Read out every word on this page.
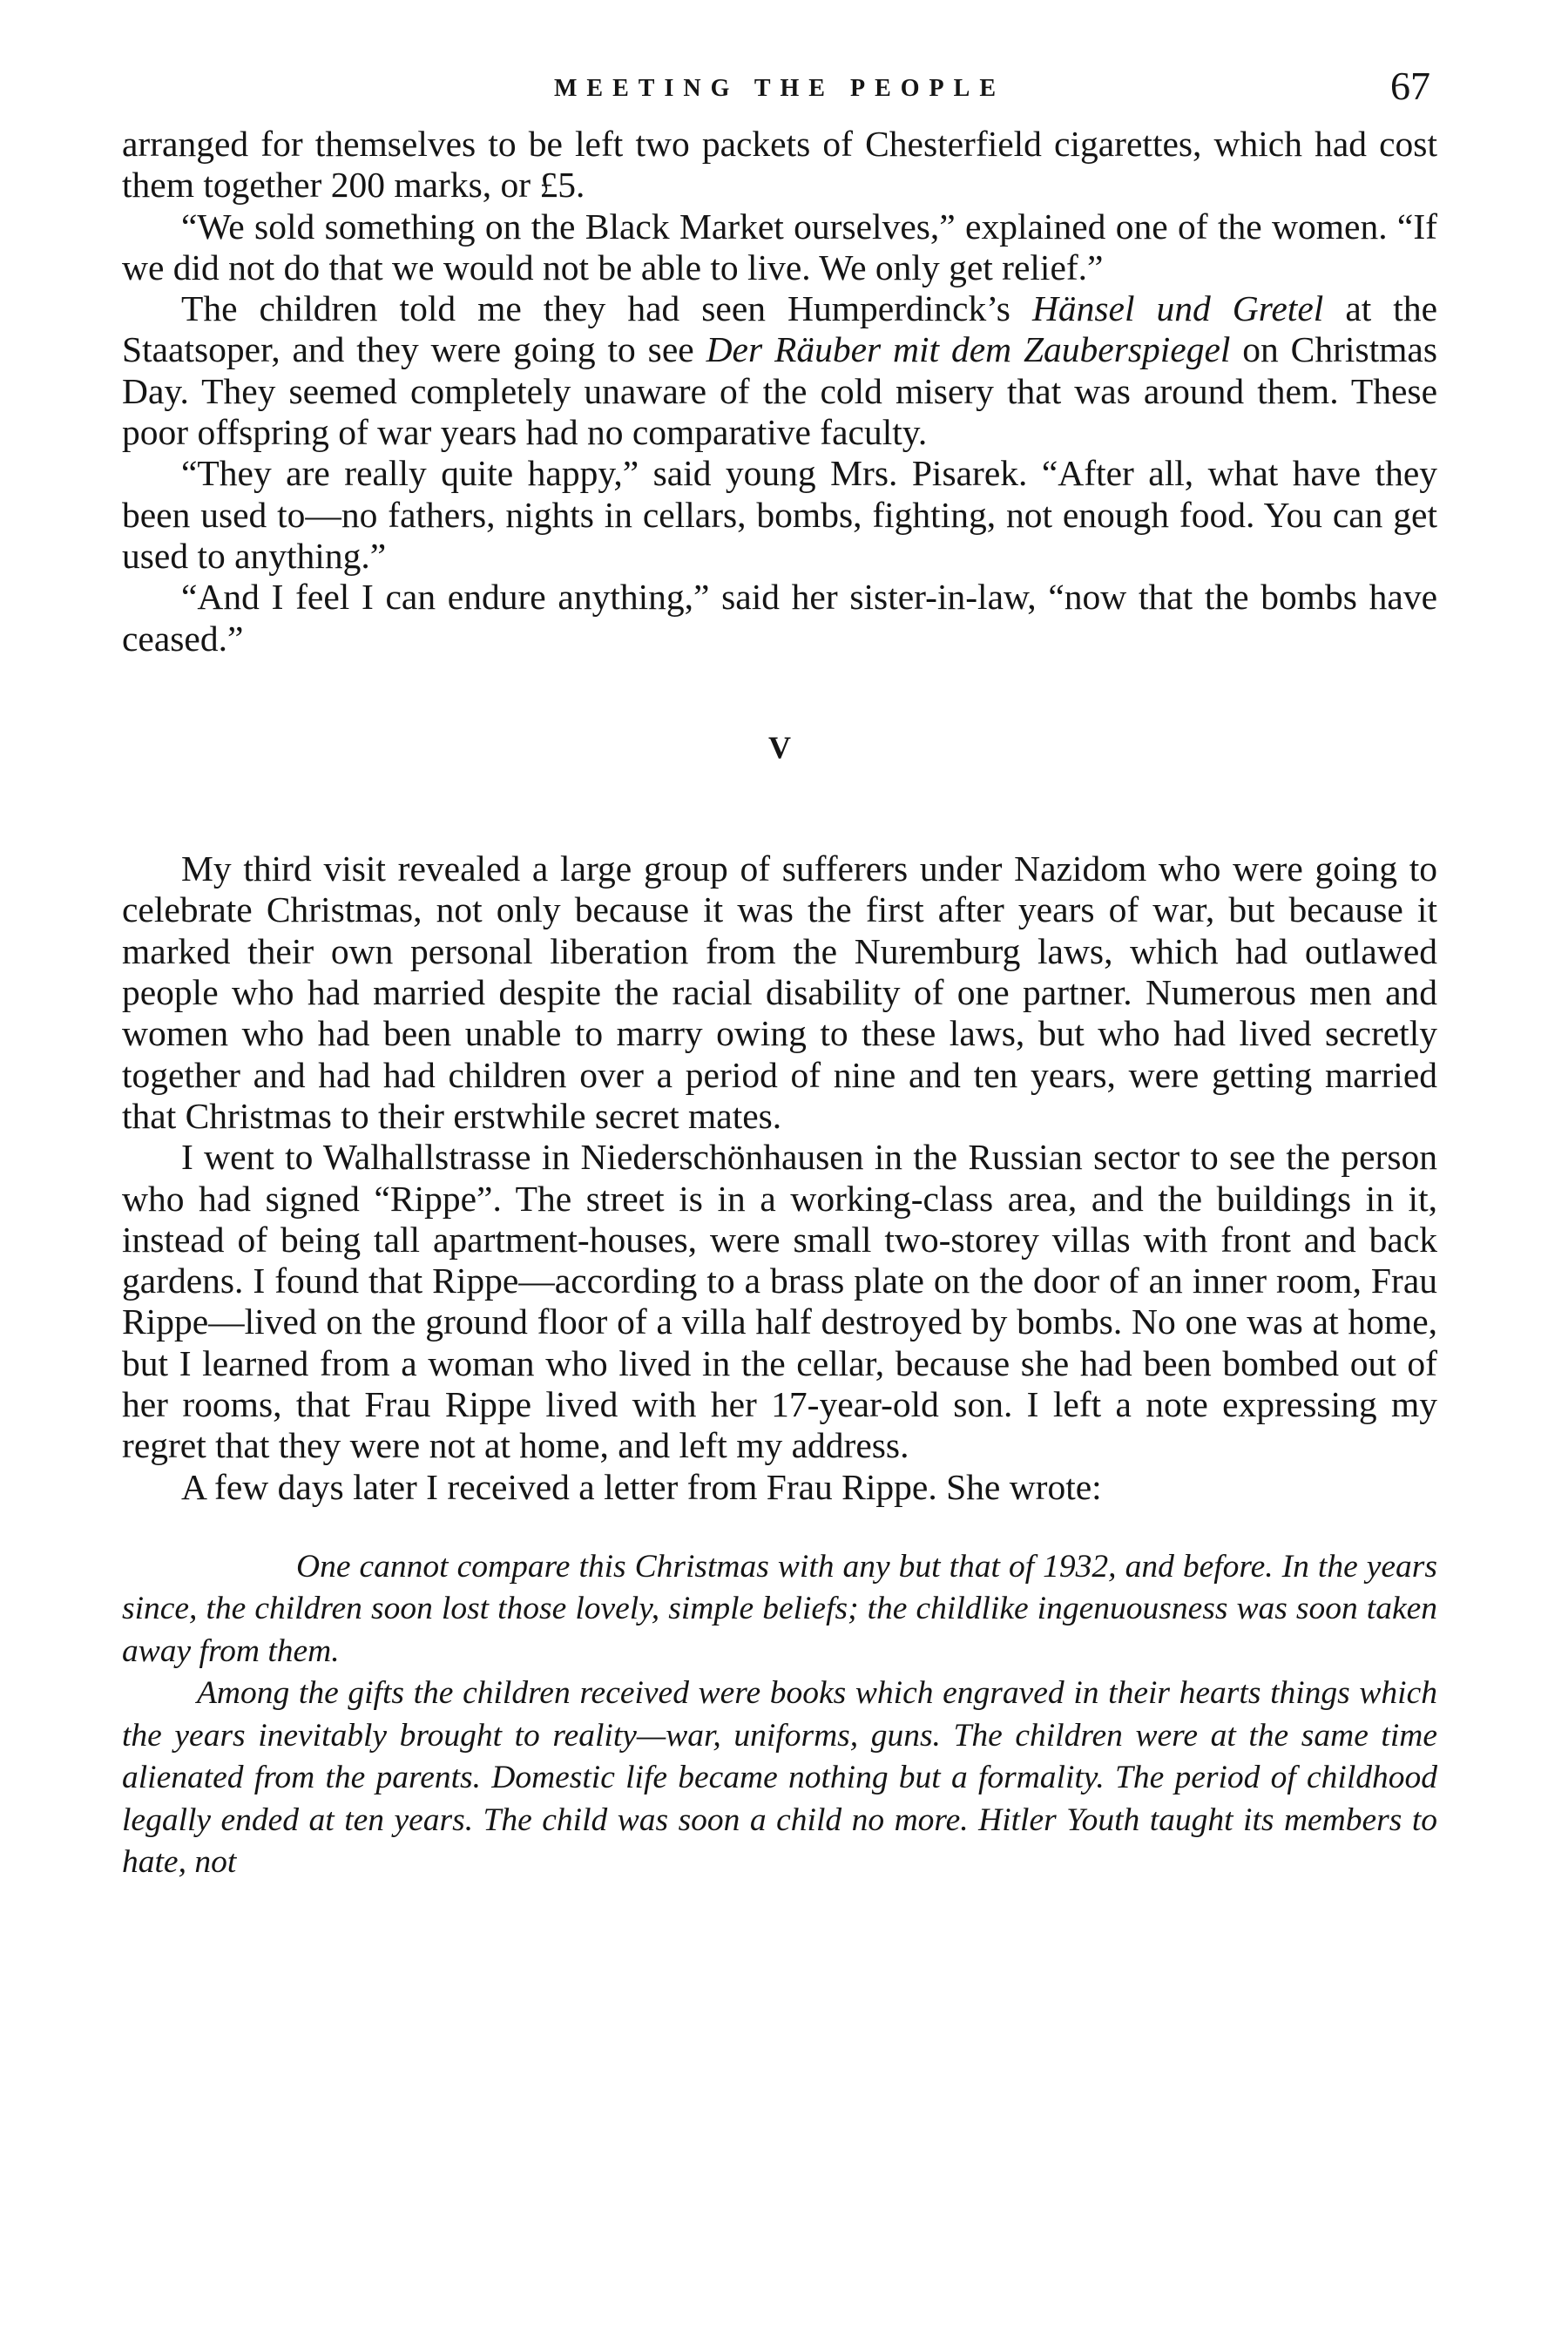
MEETING THE PEOPLE	67

arranged for themselves to be left two packets of Chesterfield cigarettes, which had cost them together 200 marks, or £5.

“We sold something on the Black Market ourselves,” explained one of the women. “If we did not do that we would not be able to live. We only get relief.”

The children told me they had seen Humperdinck’s Hänsel und Gretel at the Staatsoper, and they were going to see Der Räuber mit dem Zauberspiegel on Christmas Day. They seemed completely unaware of the cold misery that was around them. These poor offspring of war years had no comparative faculty.

“They are really quite happy,” said young Mrs. Pisarek. “After all, what have they been used to—no fathers, nights in cellars, bombs, fighting, not enough food. You can get used to anything.”

“And I feel I can endure anything,” said her sister-in-law, “now that the bombs have ceased.”

V

My third visit revealed a large group of sufferers under Nazidom who were going to celebrate Christmas, not only because it was the first after years of war, but because it marked their own personal liberation from the Nuremburg laws, which had outlawed people who had married despite the racial disability of one partner. Numerous men and women who had been unable to marry owing to these laws, but who had lived secretly together and had had children over a period of nine and ten years, were getting married that Christmas to their erstwhile secret mates.

I went to Walhallstrasse in Niederschönhausen in the Russian sector to see the person who had signed “Rippe”. The street is in a working-class area, and the buildings in it, instead of being tall apartment-houses, were small two-storey villas with front and back gardens. I found that Rippe—according to a brass plate on the door of an inner room, Frau Rippe—lived on the ground floor of a villa half destroyed by bombs. No one was at home, but I learned from a woman who lived in the cellar, because she had been bombed out of her rooms, that Frau Rippe lived with her 17-year-old son. I left a note expressing my regret that they were not at home, and left my address.

A few days later I received a letter from Frau Rippe. She wrote:

One cannot compare this Christmas with any but that of 1932, and before. In the years since, the children soon lost those lovely, simple beliefs; the childlike ingenuousness was soon taken away from them.

Among the gifts the children received were books which engraved in their hearts things which the years inevitably brought to reality—war, uniforms, guns. The children were at the same time alienated from the parents. Domestic life became nothing but a formality. The period of childhood legally ended at ten years. The child was soon a child no more. Hitler Youth taught its members to hate, not
